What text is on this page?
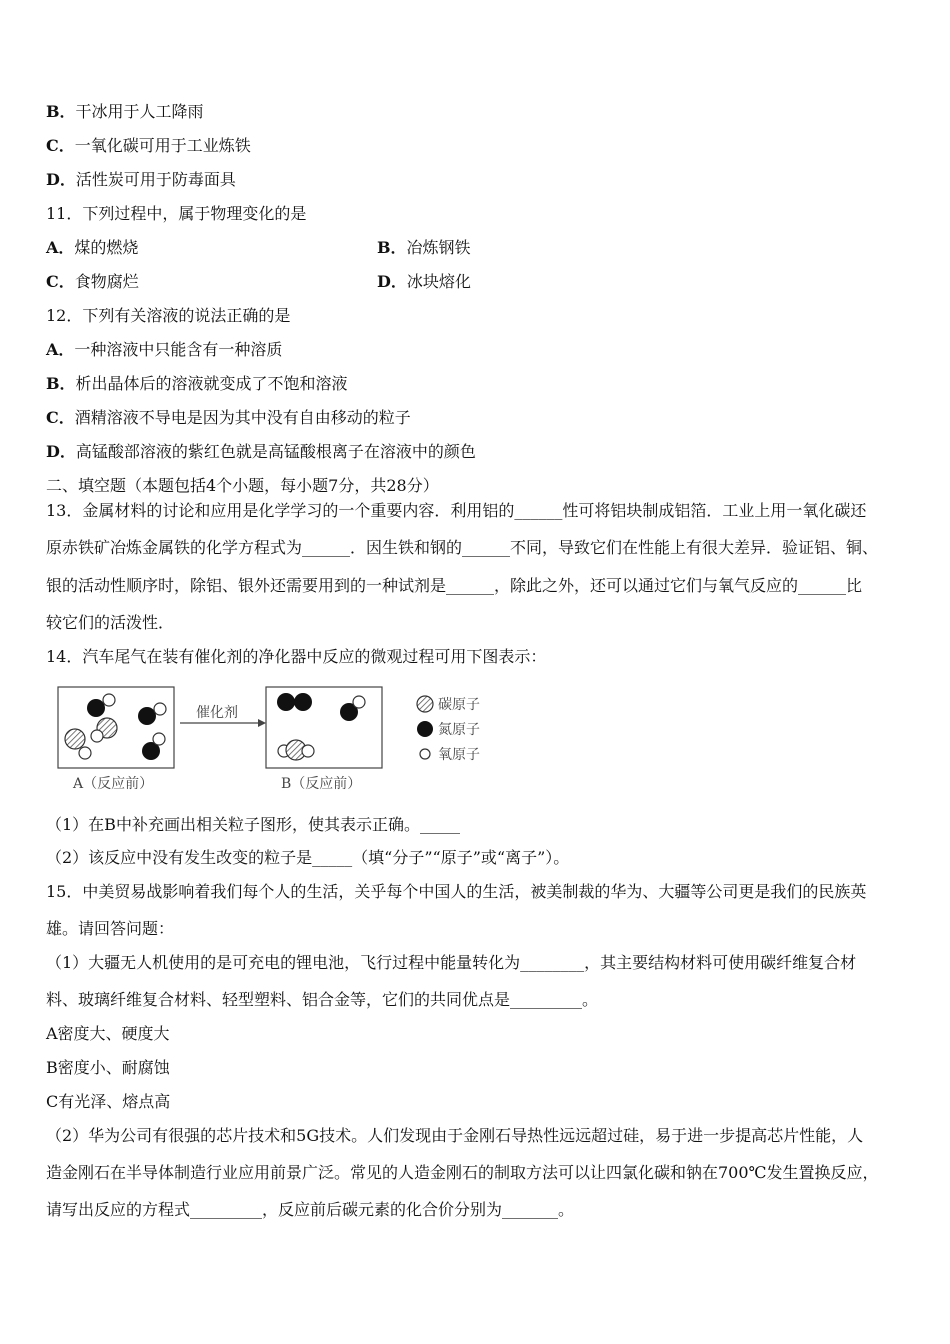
B．干冰用于人工降雨
C．一氧化碳可用于工业炼铁
D．活性炭可用于防毒面具
11．下列过程中，属于物理变化的是
A．煤的燃烧	B．冶炼钢铁
C．食物腐烂	D．冰块熔化
12．下列有关溶液的说法正确的是
A．一种溶液中只能含有一种溶质
B．析出晶体后的溶液就变成了不饱和溶液
C．酒精溶液不导电是因为其中没有自由移动的粒子
D．高锰酸部溶液的紫红色就是高锰酸根离子在溶液中的颜色
二、填空题（本题包括4个小题，每小题7分，共28分）
13．金属材料的讨论和应用是化学学习的一个重要内容．利用铝的______性可将铝块制成铝箔．工业上用一氧化碳还
原赤铁矿冶炼金属铁的化学方程式为______．因生铁和钢的______不同，导致它们在性能上有很大差异．验证铝、铜、
银的活动性顺序时，除铝、银外还需要用到的一种试剂是______，除此之外，还可以通过它们与氧气反应的______比
较它们的活泼性．
14．汽车尾气在装有催化剂的净化器中反应的微观过程可用下图表示：
A（反应前）
催化剂
B（反应前）
碳原子
氮原子
氧原子
（1）在B中补充画出相关粒子图形，使其表示正确。_____
（2）该反应中没有发生改变的粒子是_____（填“分子”“原子”或“离子”）。
15．中美贸易战影响着我们每个人的生活，关乎每个中国人的生活，被美制裁的华为、大疆等公司更是我们的民族英
雄。请回答问题：
（1）大疆无人机使用的是可充电的锂电池，飞行过程中能量转化为________，其主要结构材料可使用碳纤维复合材
料、玻璃纤维复合材料、轻型塑料、铝合金等，它们的共同优点是_________。
A密度大、硬度大
B密度小、耐腐蚀
C有光泽、熔点高
（2）华为公司有很强的芯片技术和5G技术。人们发现由于金刚石导热性远远超过硅，易于进一步提高芯片性能，人
造金刚石在半导体制造行业应用前景广泛。常见的人造金刚石的制取方法可以让四氯化碳和钠在700℃发生置换反应，
请写出反应的方程式_________，反应前后碳元素的化合价分别为_______。
